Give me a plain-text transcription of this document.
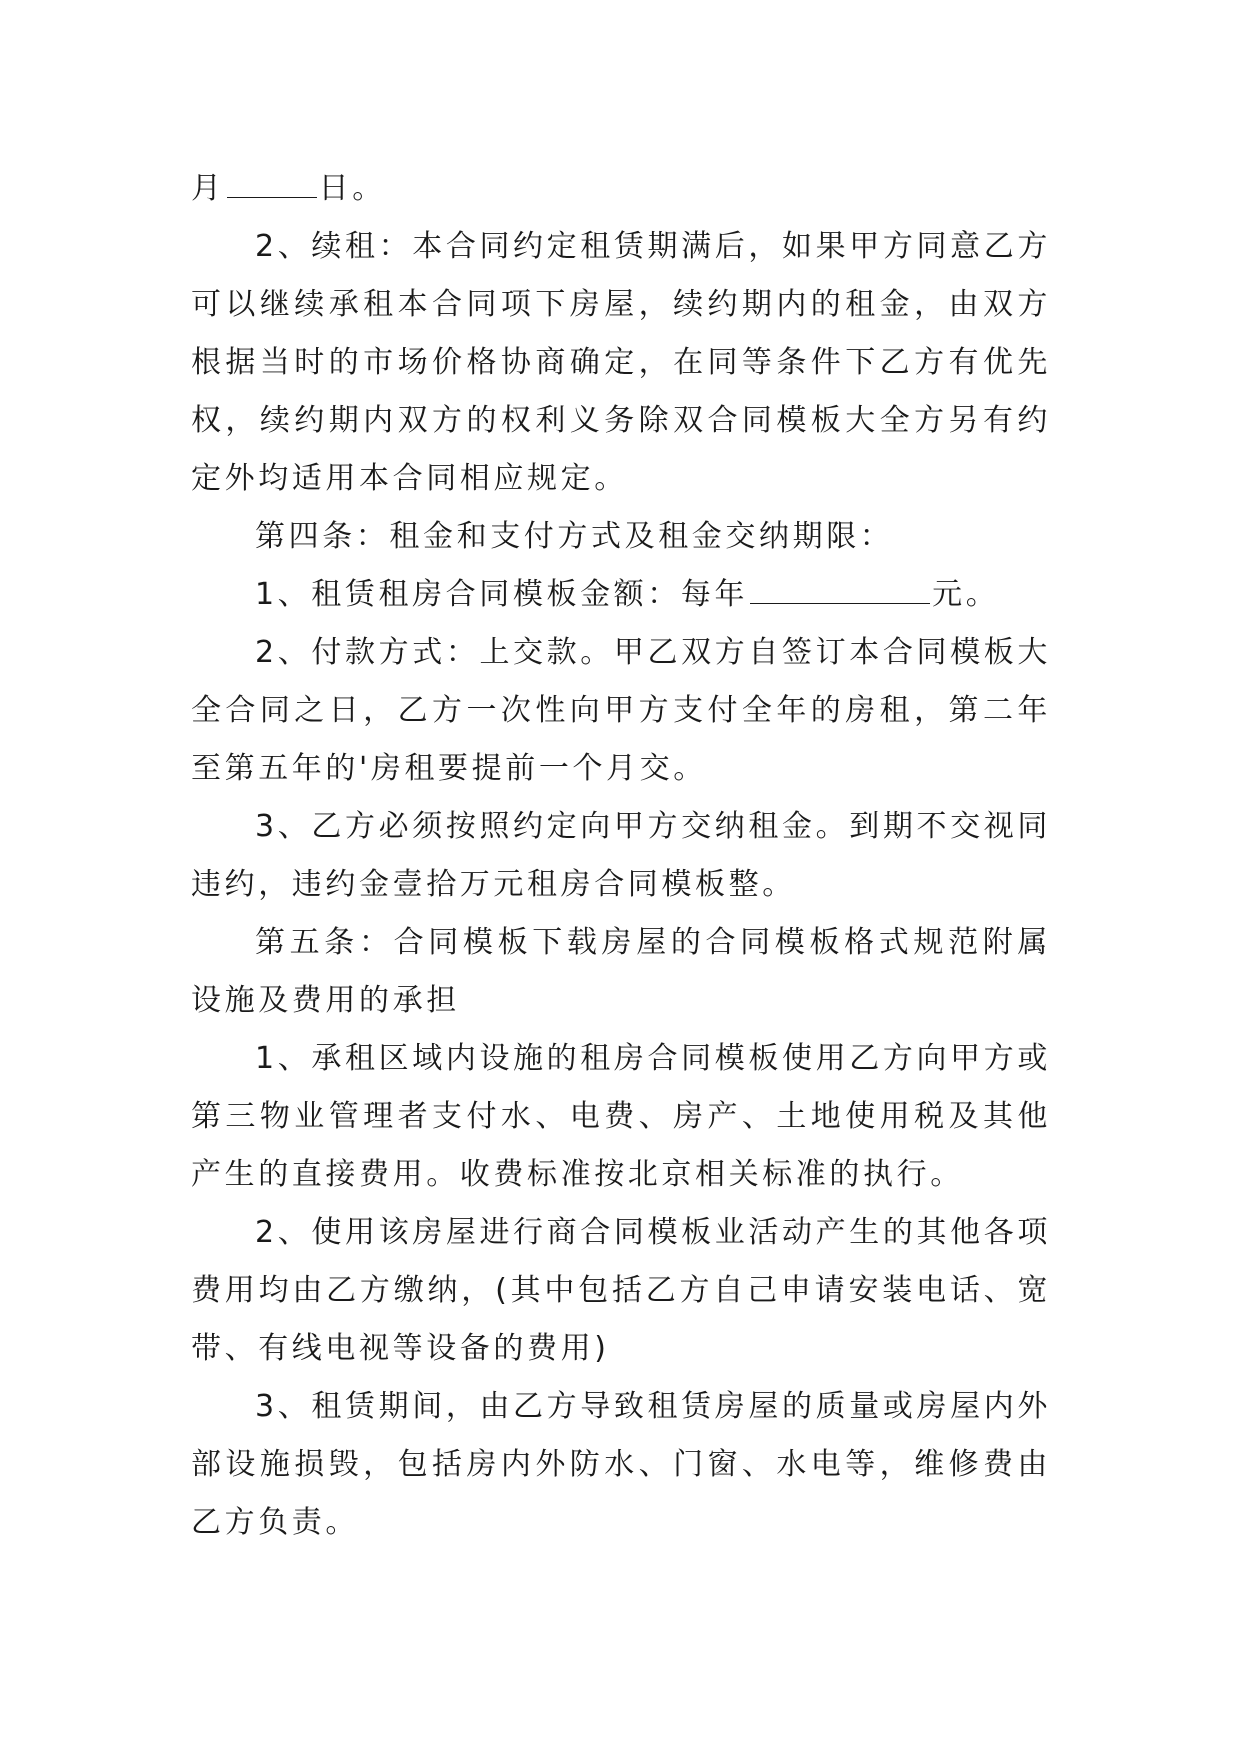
月	日。

2、续租：本合同约定租赁期满后，如果甲方同意乙方可以继续承租本合同项下房屋，续约期内的租金，由双方根据当时的市场价格协商确定，在同等条件下乙方有优先权，续约期内双方的权利义务除双合同模板大全方另有约定外均适用本合同相应规定。

第四条：租金和支付方式及租金交纳期限：

1、租赁租房合同模板金额：每年	元。

2、付款方式：上交款。甲乙双方自签订本合同模板大全合同之日，乙方一次性向甲方支付全年的房租，第二年至第五年的'房租要提前一个月交。

3、乙方必须按照约定向甲方交纳租金。到期不交视同违约，违约金壹拾万元租房合同模板整。

第五条：合同模板下载房屋的合同模板格式规范附属设施及费用的承担

1、承租区域内设施的租房合同模板使用乙方向甲方或第三物业管理者支付水、电费、房产、土地使用税及其他产生的直接费用。收费标准按北京相关标准的执行。

2、使用该房屋进行商合同模板业活动产生的其他各项费用均由乙方缴纳，(其中包括乙方自己申请安装电话、宽带、有线电视等设备的费用)

3、租赁期间，由乙方导致租赁房屋的质量或房屋内外部设施损毁，包括房内外防水、门窗、水电等，维修费由乙方负责。
